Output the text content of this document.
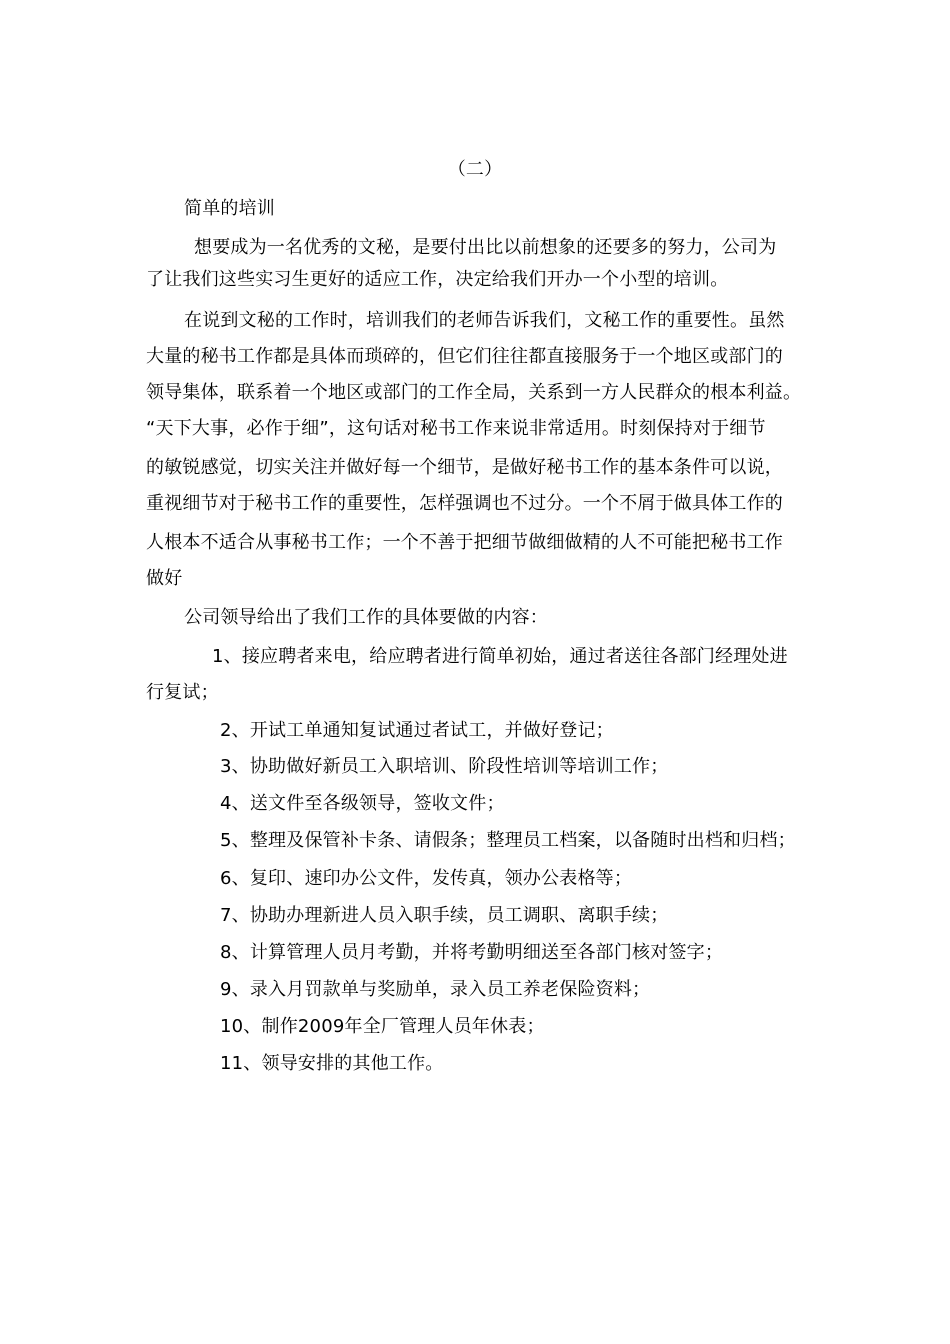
（二）
简单的培训
想要成为一名优秀的文秘，是要付出比以前想象的还要多的努力，公司为
了让我们这些实习生更好的适应工作，决定给我们开办一个小型的培训。
在说到文秘的工作时，培训我们的老师告诉我们，文秘工作的重要性。虽然
大量的秘书工作都是具体而琐碎的，但它们往往都直接服务于一个地区或部门的
领导集体，联系着一个地区或部门的工作全局，关系到一方人民群众的根本利益。
“天下大事，必作于细”，这句话对秘书工作来说非常适用。时刻保持对于细节
的敏锐感觉，切实关注并做好每一个细节，是做好秘书工作的基本条件可以说，
重视细节对于秘书工作的重要性，怎样强调也不过分。一个不屑于做具体工作的
人根本不适合从事秘书工作；一个不善于把细节做细做精的人不可能把秘书工作
做好
公司领导给出了我们工作的具体要做的内容：
1、接应聘者来电，给应聘者进行简单初始，通过者送往各部门经理处进
行复试；
2、开试工单通知复试通过者试工，并做好登记；
3、协助做好新员工入职培训、阶段性培训等培训工作；
4、送文件至各级领导，签收文件；
5、整理及保管补卡条、请假条；整理员工档案，以备随时出档和归档；
6、复印、速印办公文件，发传真，领办公表格等；
7、协助办理新进人员入职手续，员工调职、离职手续；
8、计算管理人员月考勤，并将考勤明细送至各部门核对签字；
9、录入月罚款单与奖励单，录入员工养老保险资料；
10、制作2009年全厂管理人员年休表；
11、领导安排的其他工作。
